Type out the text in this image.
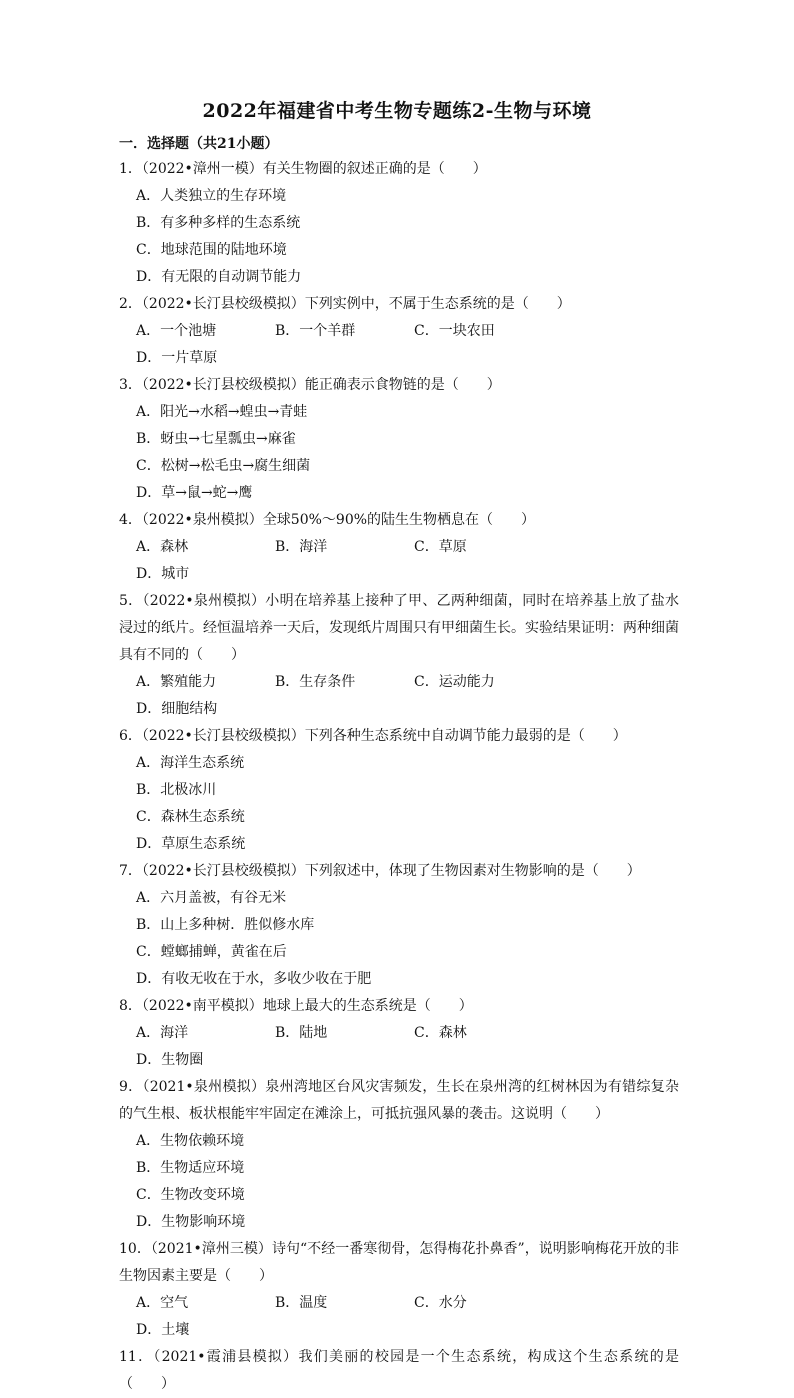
2022年福建省中考生物专题练2-生物与环境
一．选择题（共21小题）
1．（2022•漳州一模）有关生物圈的叙述正确的是（　　）
A．人类独立的生存环境
B．有多种多样的生态系统
C．地球范围的陆地环境
D．有无限的自动调节能力
2．（2022•长汀县校级模拟）下列实例中，不属于生态系统的是（　　）
A．一个池塘	B．一个羊群	C．一块农田
D．一片草原
3．（2022•长汀县校级模拟）能正确表示食物链的是（　　）
A．阳光→水稻→蝗虫→青蛙
B．蚜虫→七星瓢虫→麻雀
C．松树→松毛虫→腐生细菌
D．草→鼠→蛇→鹰
4．（2022•泉州模拟）全球50%～90%的陆生生物栖息在（　　）
A．森林	B．海洋	C．草原
D．城市
5．（2022•泉州模拟）小明在培养基上接种了甲、乙两种细菌，同时在培养基上放了盐水浸过的纸片。经恒温培养一天后，发现纸片周围只有甲细菌生长。实验结果证明：两种细菌具有不同的（　　）
A．繁殖能力	B．生存条件	C．运动能力
D．细胞结构
6．（2022•长汀县校级模拟）下列各种生态系统中自动调节能力最弱的是（　　）
A．海洋生态系统
B．北极冰川
C．森林生态系统
D．草原生态系统
7．（2022•长汀县校级模拟）下列叙述中，体现了生物因素对生物影响的是（　　）
A．六月盖被，有谷无米
B．山上多种树．胜似修水库
C．螳螂捕蝉，黄雀在后
D．有收无收在于水，多收少收在于肥
8．（2022•南平模拟）地球上最大的生态系统是（　　）
A．海洋	B．陆地	C．森林
D．生物圈
9．（2021•泉州模拟）泉州湾地区台风灾害频发，生长在泉州湾的红树林因为有错综复杂的气生根、板状根能牢牢固定在滩涂上，可抵抗强风暴的袭击。这说明（　　）
A．生物依赖环境
B．生物适应环境
C．生物改变环境
D．生物影响环境
10．（2021•漳州三模）诗句“不经一番寒彻骨，怎得梅花扑鼻香”，说明影响梅花开放的非生物因素主要是（　　）
A．空气	B．温度	C．水分
D．土壤
11．（2021•霞浦县模拟）我们美丽的校园是一个生态系统，构成这个生态系统的是（　　）
